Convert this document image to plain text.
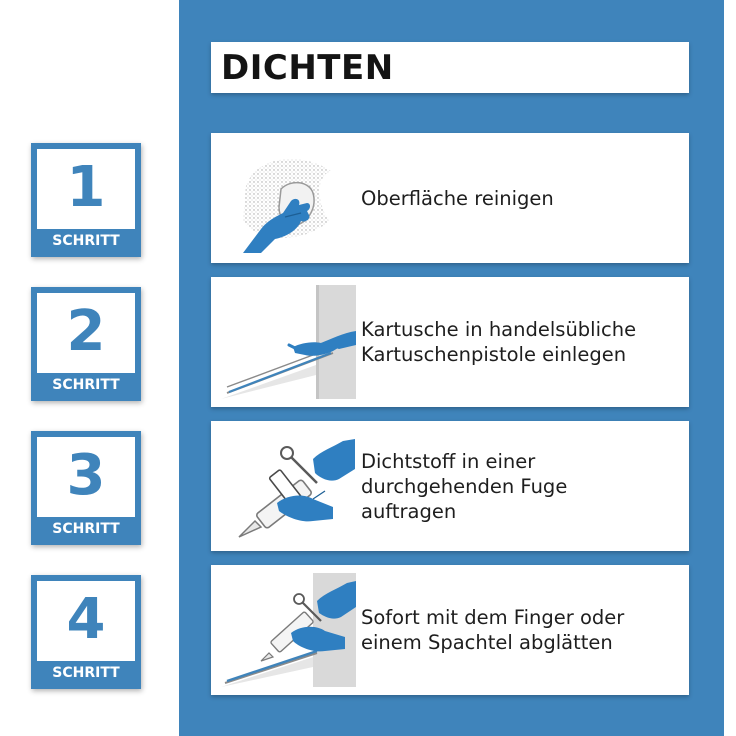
DICHTEN
1
SCHRITT
2
SCHRITT
3
SCHRITT
4
SCHRITT
Oberfläche reinigen
Kartusche in handelsübliche
Kartuschenpistole einlegen
Dichtstoff in einer
durchgehenden Fuge
auftragen
Sofort mit dem Finger oder
einem Spachtel abglätten
